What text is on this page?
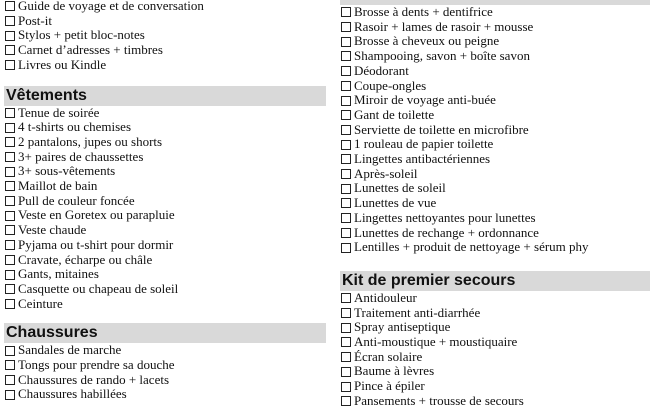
Guide de voyage et de conversation
Post-it
Stylos + petit bloc-notes
Carnet d’adresses + timbres
Livres ou Kindle
Vêtements
Tenue de soirée
4 t-shirts ou chemises
2 pantalons, jupes ou shorts
3+ paires de chaussettes
3+ sous-vêtements
Maillot de bain
Pull de couleur foncée
Veste en Goretex ou parapluie
Veste chaude
Pyjama ou t-shirt pour dormir
Cravate, écharpe ou châle
Gants, mitaines
Casquette ou chapeau de soleil
Ceinture
Chaussures
Sandales de marche
Tongs pour prendre sa douche
Chaussures de rando + lacets
Chaussures habillées
Brosse à dents + dentifrice
Rasoir + lames de rasoir + mousse
Brosse à cheveux ou peigne
Shampooing, savon + boîte savon
Déodorant
Coupe-ongles
Miroir de voyage anti-buée
Gant de toilette
Serviette de toilette en microfibre
1 rouleau de papier toilette
Lingettes antibactériennes
Après-soleil
Lunettes de soleil
Lunettes de vue
Lingettes nettoyantes pour lunettes
Lunettes de rechange + ordonnance
Lentilles + produit de nettoyage + sérum phy
Kit de premier secours
Antidouleur
Traitement anti-diarrhée
Spray antiseptique
Anti-moustique + moustiquaire
Écran solaire
Baume à lèvres
Pince à épiler
Pansements + trousse de secours
